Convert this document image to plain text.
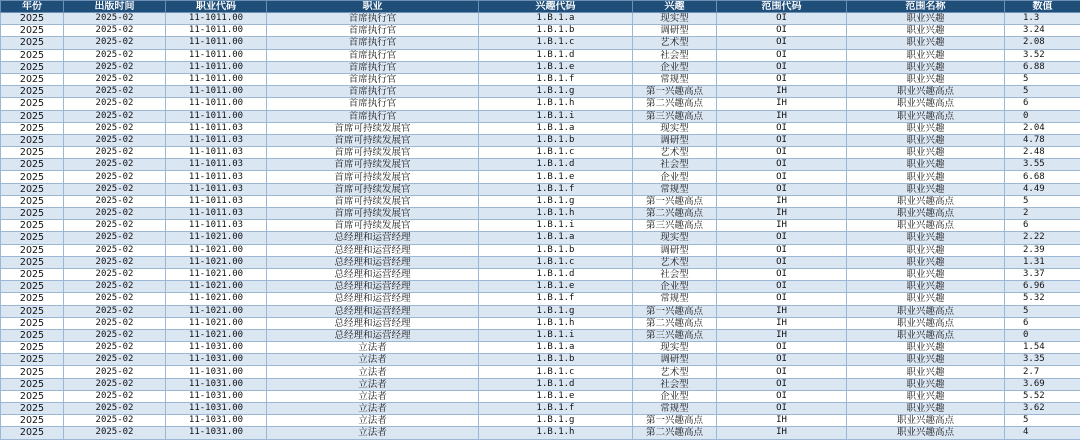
年份	出版时间	职业代码	职业	兴趣代码	兴趣	范围代码	范围名称	数值
2025	2025-02	11-1011.00	首席执行官	1.B.1.a	现实型	OI	职业兴趣	1.3
2025	2025-02	11-1011.00	首席执行官	1.B.1.b	调研型	OI	职业兴趣	3.24
2025	2025-02	11-1011.00	首席执行官	1.B.1.c	艺术型	OI	职业兴趣	2.08
2025	2025-02	11-1011.00	首席执行官	1.B.1.d	社会型	OI	职业兴趣	3.52
2025	2025-02	11-1011.00	首席执行官	1.B.1.e	企业型	OI	职业兴趣	6.88
2025	2025-02	11-1011.00	首席执行官	1.B.1.f	常规型	OI	职业兴趣	5
2025	2025-02	11-1011.00	首席执行官	1.B.1.g	第一兴趣高点	IH	职业兴趣高点	5
2025	2025-02	11-1011.00	首席执行官	1.B.1.h	第二兴趣高点	IH	职业兴趣高点	6
2025	2025-02	11-1011.00	首席执行官	1.B.1.i	第三兴趣高点	IH	职业兴趣高点	0
2025	2025-02	11-1011.03	首席可持续发展官	1.B.1.a	现实型	OI	职业兴趣	2.04
2025	2025-02	11-1011.03	首席可持续发展官	1.B.1.b	调研型	OI	职业兴趣	4.78
2025	2025-02	11-1011.03	首席可持续发展官	1.B.1.c	艺术型	OI	职业兴趣	2.48
2025	2025-02	11-1011.03	首席可持续发展官	1.B.1.d	社会型	OI	职业兴趣	3.55
2025	2025-02	11-1011.03	首席可持续发展官	1.B.1.e	企业型	OI	职业兴趣	6.68
2025	2025-02	11-1011.03	首席可持续发展官	1.B.1.f	常规型	OI	职业兴趣	4.49
2025	2025-02	11-1011.03	首席可持续发展官	1.B.1.g	第一兴趣高点	IH	职业兴趣高点	5
2025	2025-02	11-1011.03	首席可持续发展官	1.B.1.h	第二兴趣高点	IH	职业兴趣高点	2
2025	2025-02	11-1011.03	首席可持续发展官	1.B.1.i	第三兴趣高点	IH	职业兴趣高点	6
2025	2025-02	11-1021.00	总经理和运营经理	1.B.1.a	现实型	OI	职业兴趣	2.22
2025	2025-02	11-1021.00	总经理和运营经理	1.B.1.b	调研型	OI	职业兴趣	2.39
2025	2025-02	11-1021.00	总经理和运营经理	1.B.1.c	艺术型	OI	职业兴趣	1.31
2025	2025-02	11-1021.00	总经理和运营经理	1.B.1.d	社会型	OI	职业兴趣	3.37
2025	2025-02	11-1021.00	总经理和运营经理	1.B.1.e	企业型	OI	职业兴趣	6.96
2025	2025-02	11-1021.00	总经理和运营经理	1.B.1.f	常规型	OI	职业兴趣	5.32
2025	2025-02	11-1021.00	总经理和运营经理	1.B.1.g	第一兴趣高点	IH	职业兴趣高点	5
2025	2025-02	11-1021.00	总经理和运营经理	1.B.1.h	第二兴趣高点	IH	职业兴趣高点	6
2025	2025-02	11-1021.00	总经理和运营经理	1.B.1.i	第三兴趣高点	IH	职业兴趣高点	0
2025	2025-02	11-1031.00	立法者	1.B.1.a	现实型	OI	职业兴趣	1.54
2025	2025-02	11-1031.00	立法者	1.B.1.b	调研型	OI	职业兴趣	3.35
2025	2025-02	11-1031.00	立法者	1.B.1.c	艺术型	OI	职业兴趣	2.7
2025	2025-02	11-1031.00	立法者	1.B.1.d	社会型	OI	职业兴趣	3.69
2025	2025-02	11-1031.00	立法者	1.B.1.e	企业型	OI	职业兴趣	5.52
2025	2025-02	11-1031.00	立法者	1.B.1.f	常规型	OI	职业兴趣	3.62
2025	2025-02	11-1031.00	立法者	1.B.1.g	第一兴趣高点	IH	职业兴趣高点	5
2025	2025-02	11-1031.00	立法者	1.B.1.h	第二兴趣高点	IH	职业兴趣高点	4
